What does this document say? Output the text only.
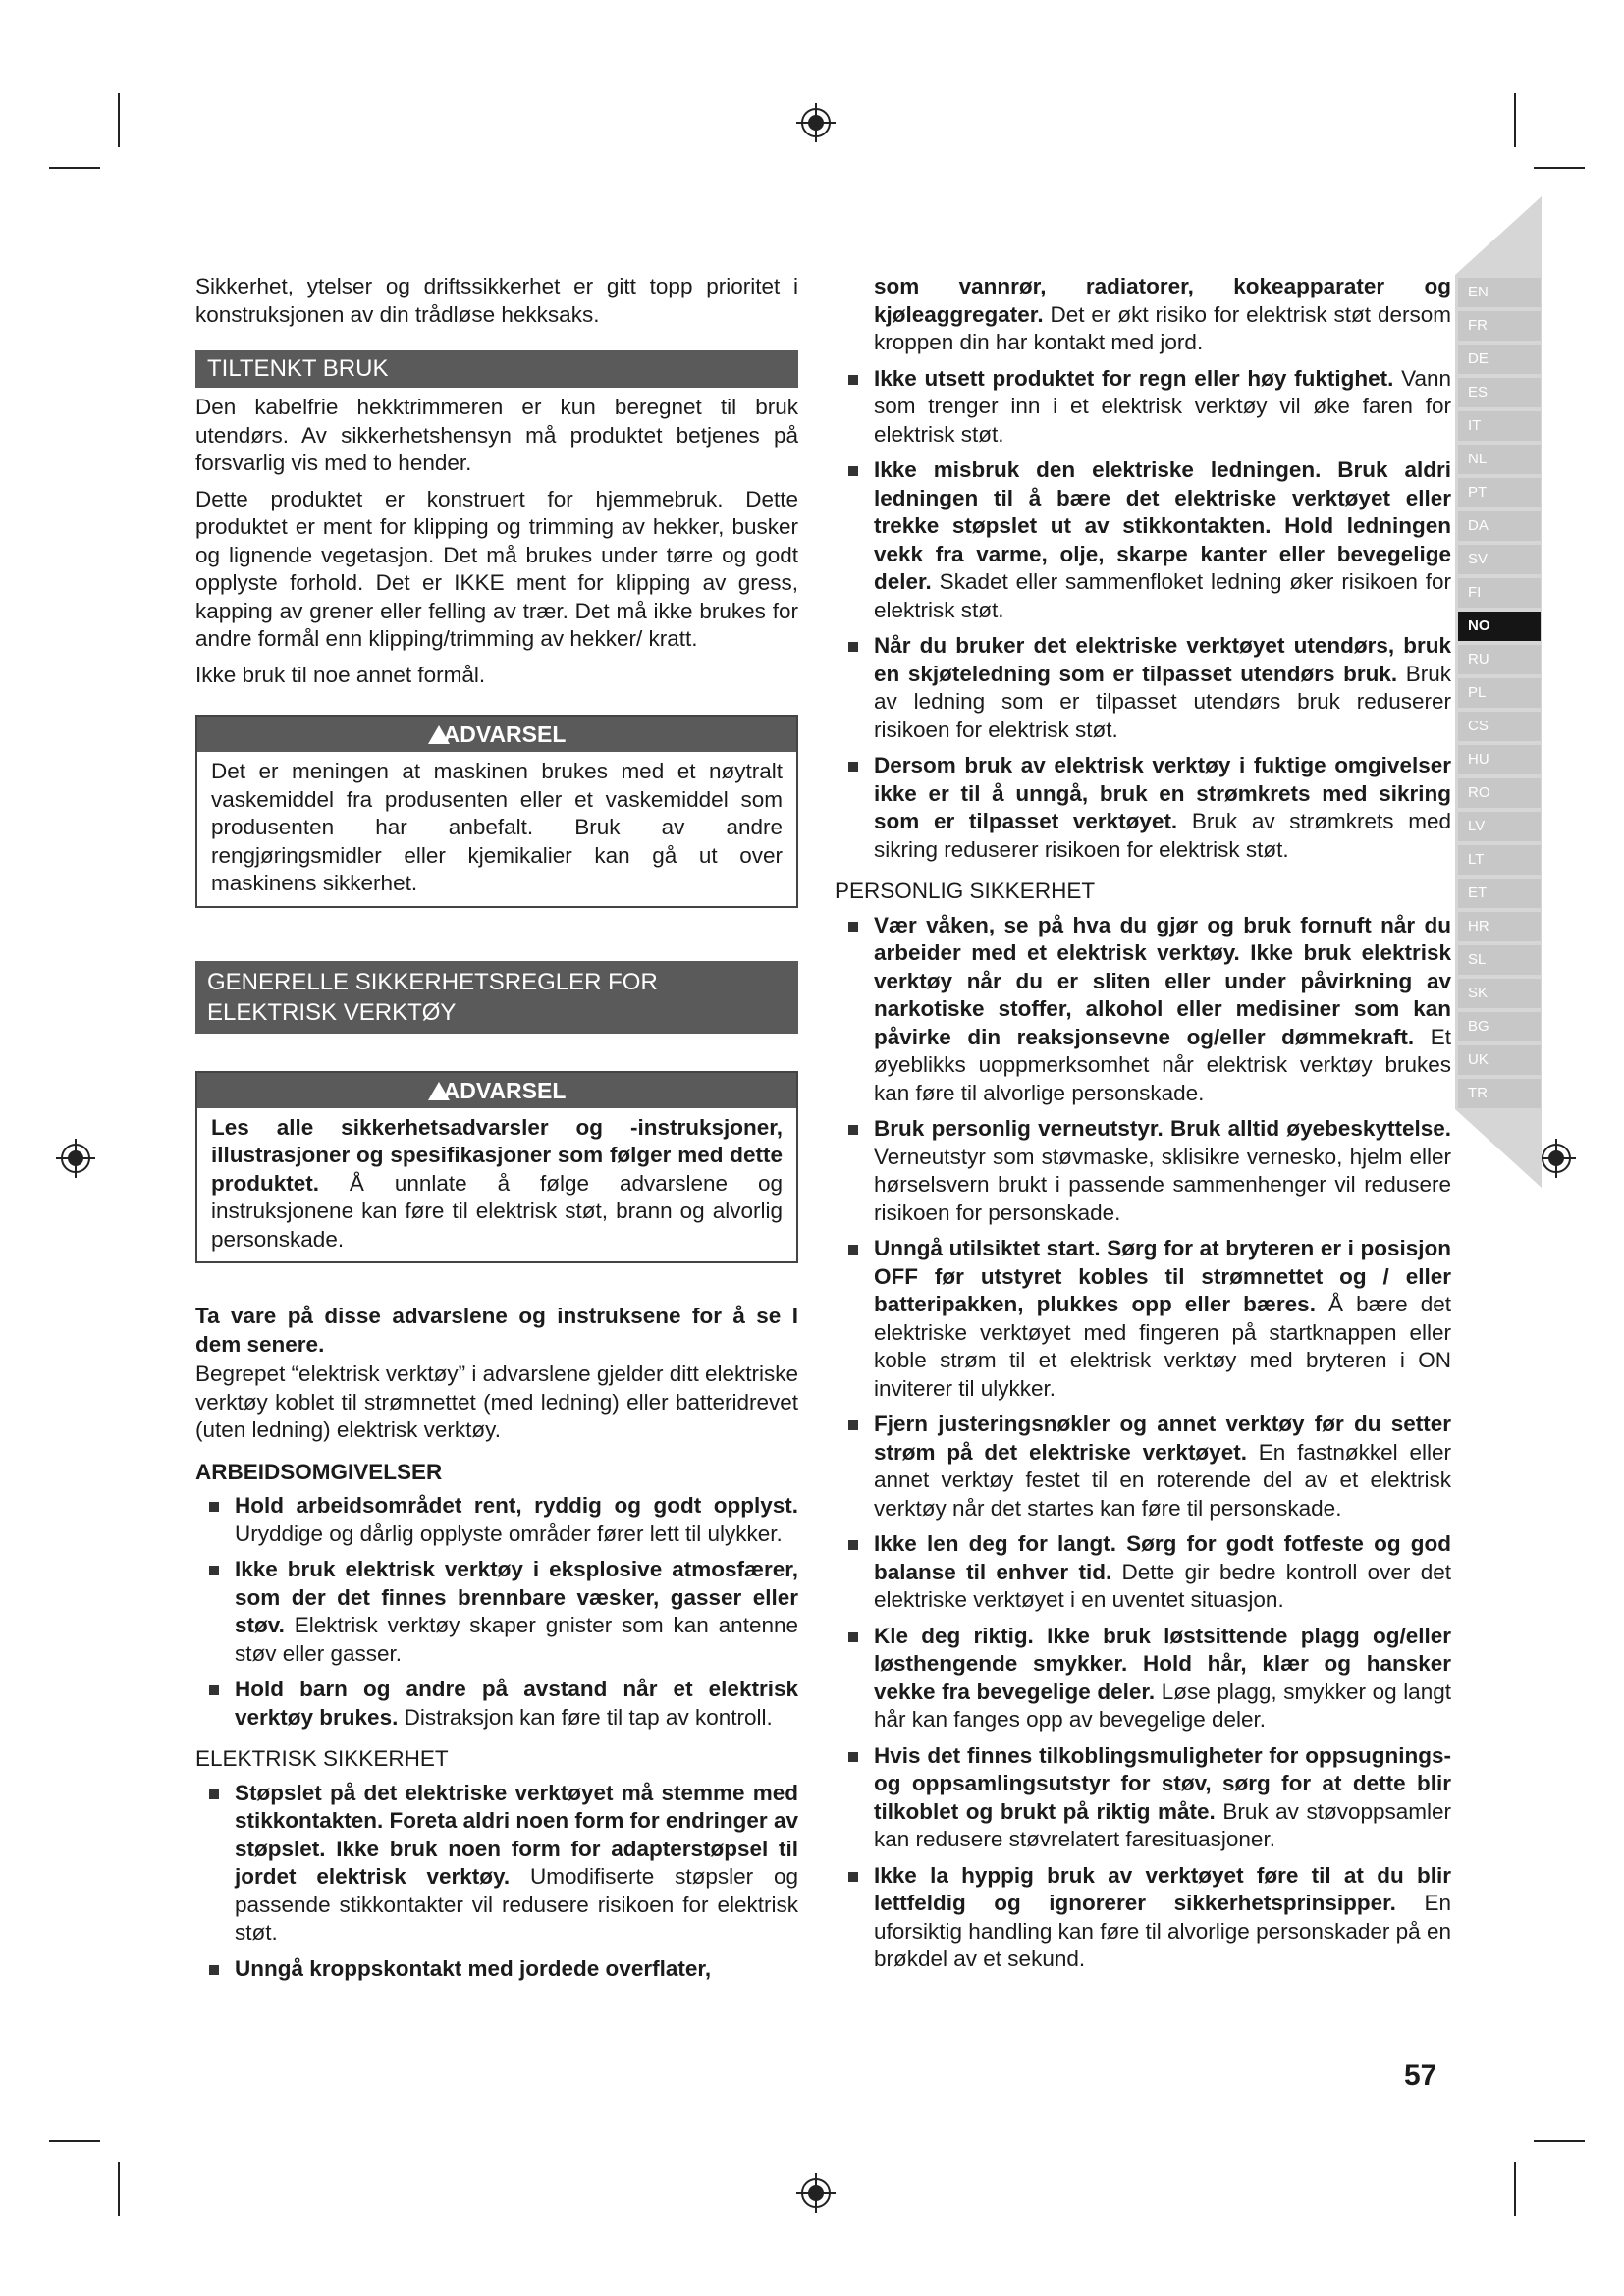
EN
FR
DE
ES
IT
NL
PT
DA
SV
FI
NO
RU
PL
CS
HU
RO
LV
LT
ET
HR
SL
SK
BG
UK
TR

Sikkerhet, ytelser og driftssikkerhet er gitt topp prioritet i konstruksjonen av din trådløse hekksaks.

TILTENKT BRUK

Den kabelfrie hekktrimmeren er kun beregnet til bruk utendørs. Av sikkerhetshensyn må produktet betjenes på forsvarlig vis med to hender.

Dette produktet er konstruert for hjemmebruk. Dette produktet er ment for klipping og trimming av hekker, busker og lignende vegetasjon. Det må brukes under tørre og godt opplyste forhold. Det er IKKE ment for klipping av gress, kapping av grener eller felling av trær. Det må ikke brukes for andre formål enn klipping/trimming av hekker/ kratt.

Ikke bruk til noe annet formål.

ADVARSEL

Det er meningen at maskinen brukes med et nøytralt vaskemiddel fra produsenten eller et vaskemiddel som produsenten har anbefalt. Bruk av andre rengjøringsmidler eller kjemikalier kan gå ut over maskinens sikkerhet.

GENERELLE SIKKERHETSREGLER FOR ELEKTRISK VERKTØY
ADVARSEL

Les alle sikkerhetsadvarsler og -instruksjoner, illustrasjoner og spesifikasjoner som følger med dette produktet. Å unnlate å følge advarslene og instruksjonene kan føre til elektrisk støt, brann og alvorlig personskade.

Ta vare på disse advarslene og instruksene for å se I dem senere.

Begrepet “elektrisk verktøy” i advarslene gjelder ditt elektriske verktøy koblet til strømnettet (med ledning) eller batteridrevet (uten ledning) elektrisk verktøy.

ARBEIDSOMGIVELSER
Hold arbeidsområdet rent, ryddig og godt opplyst. Uryddige og dårlig opplyste områder fører lett til ulykker.
Ikke bruk elektrisk verktøy i eksplosive atmosfærer, som der det finnes brennbare væsker, gasser eller støv. Elektrisk verktøy skaper gnister som kan antenne støv eller gasser.
Hold barn og andre på avstand når et elektrisk verktøy brukes. Distraksjon kan føre til tap av kontroll.
ELEKTRISK SIKKERHET
Støpslet på det elektriske verktøyet må stemme med stikkontakten. Foreta aldri noen form for endringer av støpslet. Ikke bruk noen form for adapterstøpsel til jordet elektrisk verktøy. Umodifiserte støpsler og passende stikkontakter vil redusere risikoen for elektrisk støt.
Unngå kroppskontakt med jordede overflater,

som vannrør, radiatorer, kokeapparater og kjøleaggregater. Det er økt risiko for elektrisk støt dersom kroppen din har kontakt med jord.

Ikke utsett produktet for regn eller høy fuktighet. Vann som trenger inn i et elektrisk verktøy vil øke faren for elektrisk støt.
Ikke misbruk den elektriske ledningen. Bruk aldri ledningen til å bære det elektriske verktøyet eller trekke støpslet ut av stikkontakten. Hold ledningen vekk fra varme, olje, skarpe kanter eller bevegelige deler. Skadet eller sammenfloket ledning øker risikoen for elektrisk støt.
Når du bruker det elektriske verktøyet utendørs, bruk en skjøteledning som er tilpasset utendørs bruk. Bruk av ledning som er tilpasset utendørs bruk reduserer risikoen for elektrisk støt.
Dersom bruk av elektrisk verktøy i fuktige omgivelser ikke er til å unngå, bruk en strømkrets med sikring som er tilpasset verktøyet. Bruk av strømkrets med sikring reduserer risikoen for elektrisk støt.
PERSONLIG SIKKERHET
Vær våken, se på hva du gjør og bruk fornuft når du arbeider med et elektrisk verktøy. Ikke bruk elektrisk verktøy når du er sliten eller under påvirkning av narkotiske stoffer, alkohol eller medisiner som kan påvirke din reaksjonsevne og/eller dømmekraft. Et øyeblikks uoppmerksomhet når elektrisk verktøy brukes kan føre til alvorlige personskade.
Bruk personlig verneutstyr. Bruk alltid øyebeskyttelse. Verneutstyr som støvmaske, sklisikre vernesko, hjelm eller hørselsvern brukt i passende sammenhenger vil redusere risikoen for personskade.
Unngå utilsiktet start. Sørg for at bryteren er i posisjon OFF før utstyret kobles til strømnettet og / eller batteripakken, plukkes opp eller bæres. Å bære det elektriske verktøyet med fingeren på startknappen eller koble strøm til et elektrisk verktøy med bryteren i ON inviterer til ulykker.
Fjern justeringsnøkler og annet verktøy før du setter strøm på det elektriske verktøyet. En fastnøkkel eller annet verktøy festet til en roterende del av et elektrisk verktøy når det startes kan føre til personskade.
Ikke len deg for langt. Sørg for godt fotfeste og god balanse til enhver tid. Dette gir bedre kontroll over det elektriske verktøyet i en uventet situasjon.
Kle deg riktig. Ikke bruk løstsittende plagg og/eller løsthengende smykker. Hold hår, klær og hansker vekke fra bevegelige deler. Løse plagg, smykker og langt hår kan fanges opp av bevegelige deler.
Hvis det finnes tilkoblingsmuligheter for oppsugnings- og oppsamlingsutstyr for støv, sørg for at dette blir tilkoblet og brukt på riktig måte. Bruk av støvoppsamler kan redusere støvrelatert faresituasjoner.
Ikke la hyppig bruk av verktøyet føre til at du blir lettfeldig og ignorerer sikkerhetsprinsipper. En uforsiktig handling kan føre til alvorlige personskader på en brøkdel av et sekund.
57
